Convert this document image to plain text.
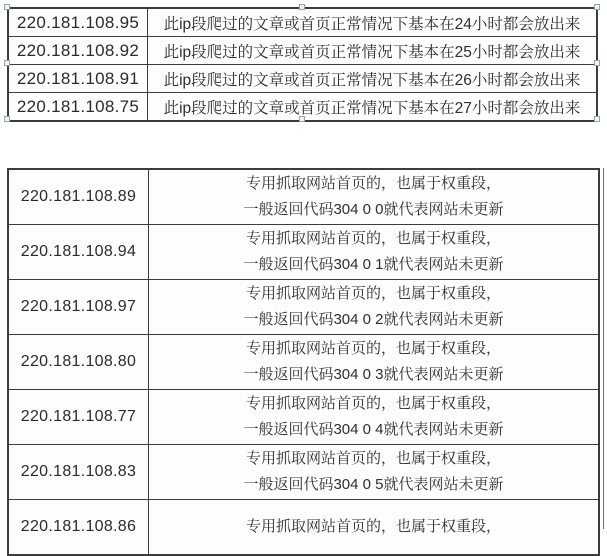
220.181.108.95	此ip段爬过的文章或首页正常情况下基本在24小时都会放出来
220.181.108.92	此ip段爬过的文章或首页正常情况下基本在25小时都会放出来
220.181.108.91	此ip段爬过的文章或首页正常情况下基本在26小时都会放出来
220.181.108.75	此ip段爬过的文章或首页正常情况下基本在27小时都会放出来
220.181.108.89	专用抓取网站首页的，也属于权重段，
一般返回代码304 0 0就代表网站未更新

220.181.108.94	专用抓取网站首页的，也属于权重段，
一般返回代码304 0 1就代表网站未更新

220.181.108.97	专用抓取网站首页的，也属于权重段，
一般返回代码304 0 2就代表网站未更新

220.181.108.80	专用抓取网站首页的，也属于权重段，
一般返回代码304 0 3就代表网站未更新

220.181.108.77	专用抓取网站首页的，也属于权重段，
一般返回代码304 0 4就代表网站未更新

220.181.108.83	专用抓取网站首页的，也属于权重段，
一般返回代码304 0 5就代表网站未更新

220.181.108.86	专用抓取网站首页的，也属于权重段，
